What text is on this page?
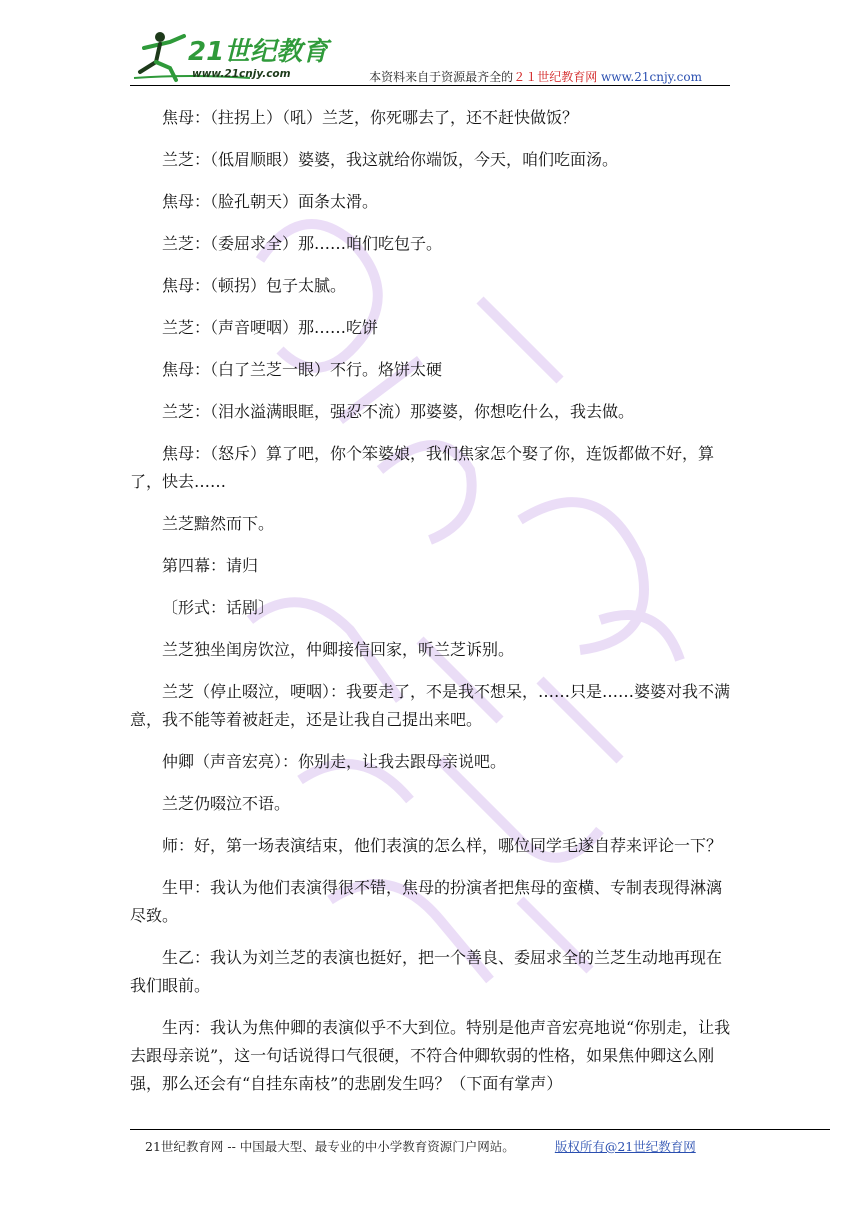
21世纪教育
www.21cnjy.com	本资料来自于资源最齐全的２１世纪教育网 www.21cnjy.com

焦母：（拄拐上）（吼）兰芝，你死哪去了，还不赶快做饭？

兰芝：（低眉顺眼）婆婆，我这就给你端饭，今天，咱们吃面汤。

焦母：（脸孔朝天）面条太滑。

兰芝：（委屈求全）那……咱们吃包子。

焦母：（顿拐）包子太腻。

兰芝：（声音哽咽）那……吃饼

焦母：（白了兰芝一眼）不行。烙饼太硬

兰芝：（泪水溢满眼眶，强忍不流）那婆婆，你想吃什么，我去做。

焦母：（怒斥）算了吧，你个笨婆娘，我们焦家怎个娶了你，连饭都做不好，算了，快去……

兰芝黯然而下。

第四幕：请归

〔形式：话剧〕

兰芝独坐闺房饮泣，仲卿接信回家，听兰芝诉别。

兰芝（停止啜泣，哽咽）：我要走了，不是我不想呆，……只是……婆婆对我不满意，我不能等着被赶走，还是让我自己提出来吧。

仲卿（声音宏亮）：你别走，让我去跟母亲说吧。

兰芝仍啜泣不语。

师：好，第一场表演结束，他们表演的怎么样，哪位同学毛遂自荐来评论一下？

生甲：我认为他们表演得很不错，焦母的扮演者把焦母的蛮横、专制表现得淋漓尽致。

生乙：我认为刘兰芝的表演也挺好，把一个善良、委屈求全的兰芝生动地再现在我们眼前。

生丙：我认为焦仲卿的表演似乎不大到位。特别是他声音宏亮地说“你别走，让我去跟母亲说”，这一句话说得口气很硬，不符合仲卿软弱的性格，如果焦仲卿这么刚强，那么还会有“自挂东南枝”的悲剧发生吗？（下面有掌声）

21世纪教育网 -- 中国最大型、最专业的中小学教育资源门户网站。	版权所有@21世纪教育网
